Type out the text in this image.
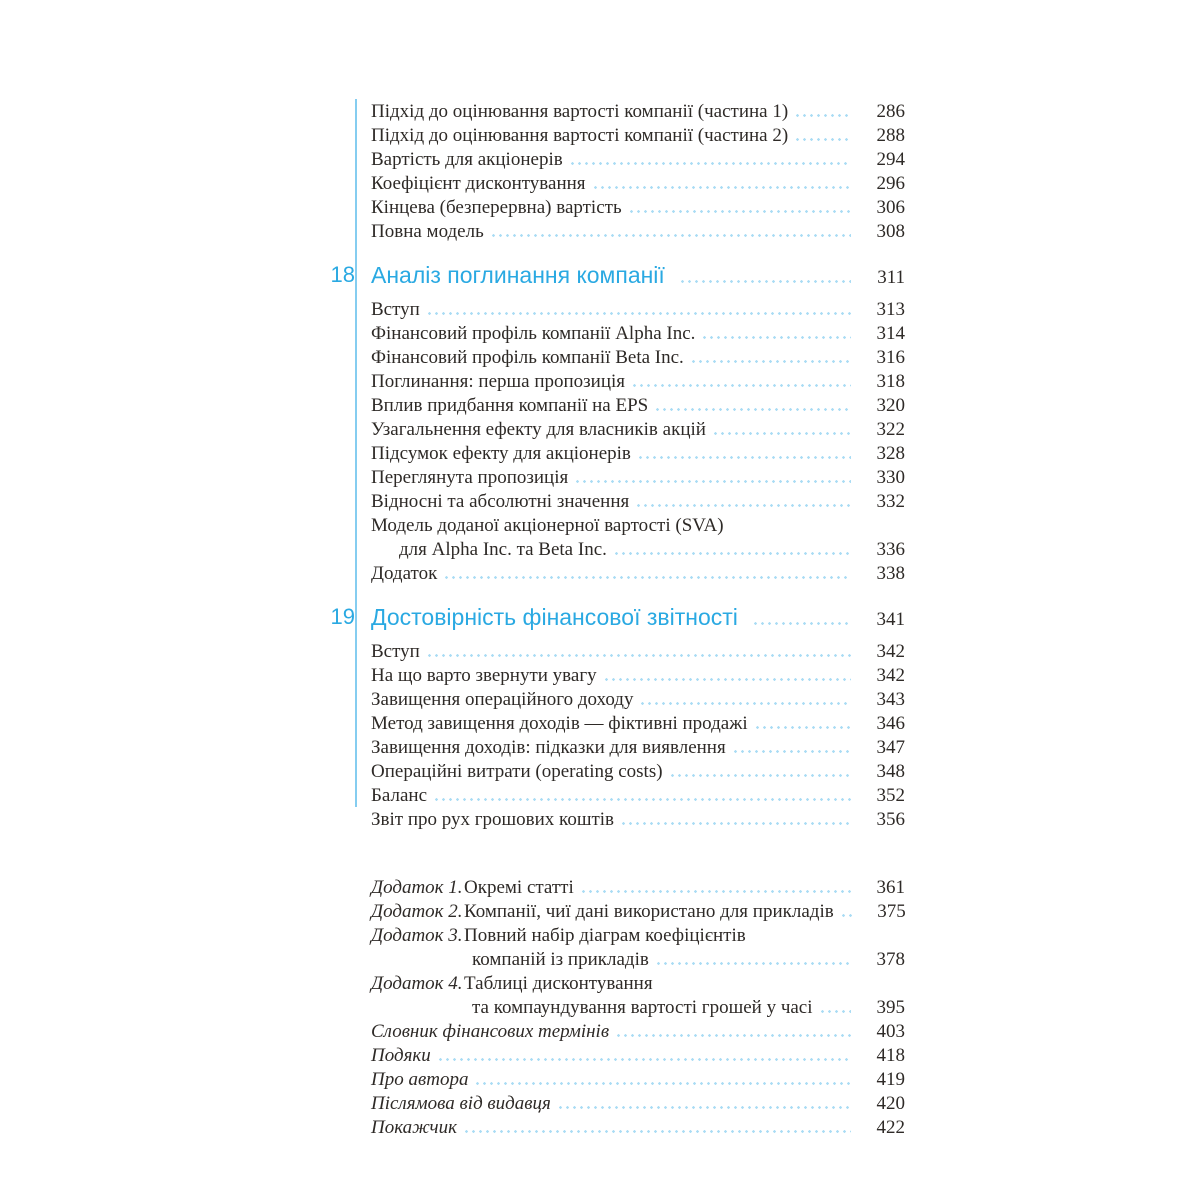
Підхід до оцінювання вартості компанії (частина 1)	286
Підхід до оцінювання вартості компанії (частина 2)	288
Вартість для акціонерів	294
Коефіцієнт дисконтування	296
Кінцева (безперервна) вартість	306
Повна модель	308
18 Аналіз поглинання компанії	311
Вступ	313
Фінансовий профіль компанії Alpha Inc.	314
Фінансовий профіль компанії Beta Inc.	316
Поглинання: перша пропозиція	318
Вплив придбання компанії на EPS	320
Узагальнення ефекту для власників акцій	322
Підсумок ефекту для акціонерів	328
Переглянута пропозиція	330
Відносні та абсолютні значення	332
Модель доданої акціонерної вартості (SVA)
для Alpha Inc. та Beta Inc.	336
Додаток	338
19 Достовірність фінансової звітності	341
Вступ	342
На що варто звернути увагу	342
Завищення операційного доходу	343
Метод завищення доходів — фіктивні продажі	346
Завищення доходів: підказки для виявлення	347
Операційні витрати (operating costs)	348
Баланс	352
Звіт про рух грошових коштів	356
Додаток 1. Окремі статті	361
Додаток 2. Компанії, чиї дані використано для прикладів	375
Додаток 3. Повний набір діаграм коефіцієнтів
компаній із прикладів	378
Додаток 4. Таблиці дисконтування
та компаундування вартості грошей у часі	395
Словник фінансових термінів	403
Подяки	418
Про автора	419
Післямова від видавця	420
Покажчик	422
